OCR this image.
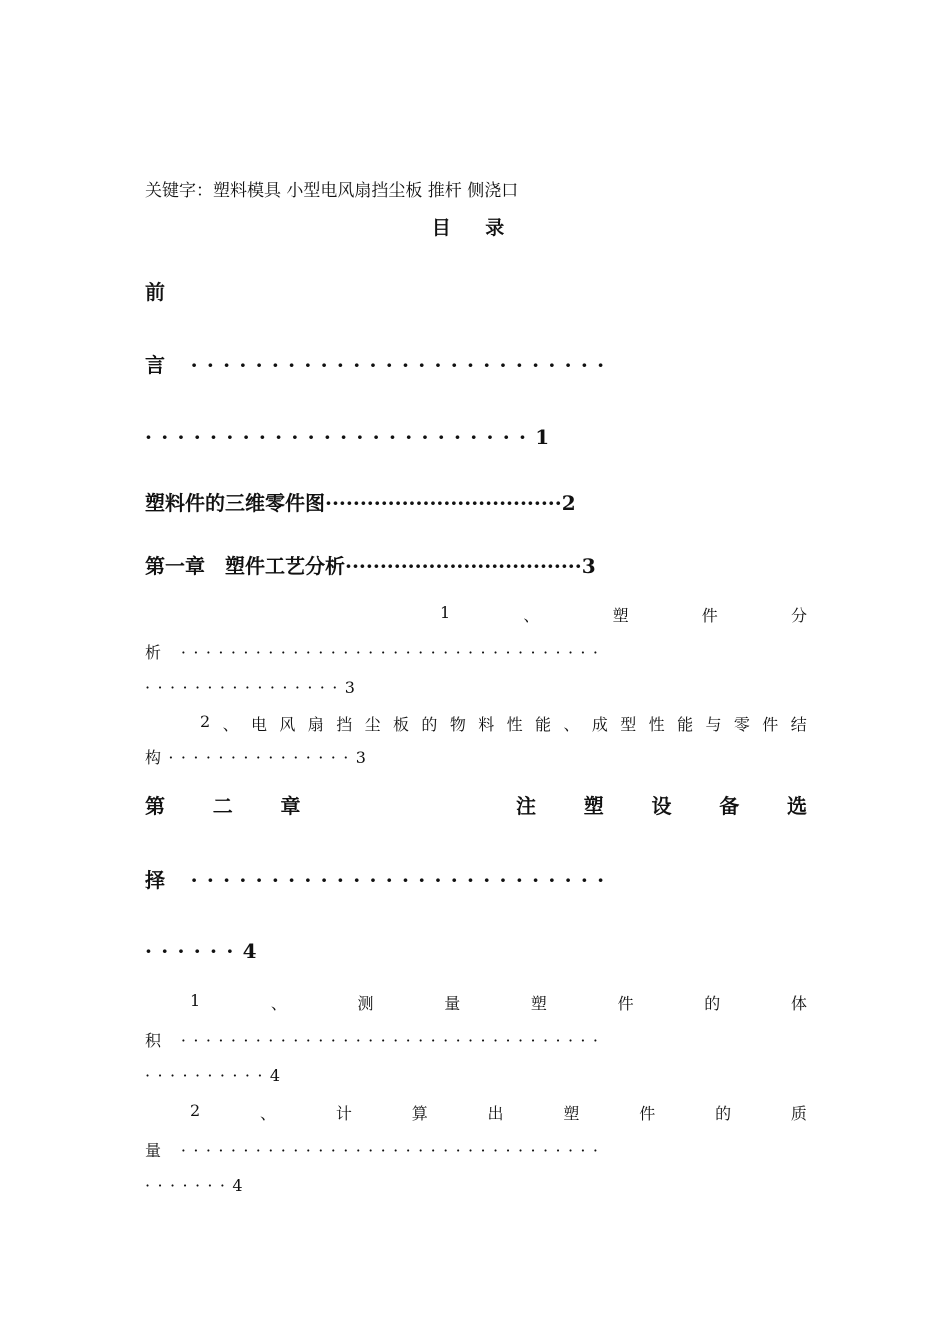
关键字：塑料模具 小型电风扇挡尘板 推杆 侧浇口
目 录
前
言 ··························
························1
塑料件的三维零件图··································2
第一章　塑件工艺分析··································3
1	、	塑	件	分
析 ··································
················3
2 、 电 风 扇 挡 尘 板 的 物 料 性 能 、 成 型 性 能 与 零 件 结
构···············3
第 二 章	注 塑 设 备 选
择 ··························
······4
1	、	测	量	塑	件	的	体
积 ··································
··········4
2	、	计	算	出	塑	件	的	质
量 ··································
·······4
